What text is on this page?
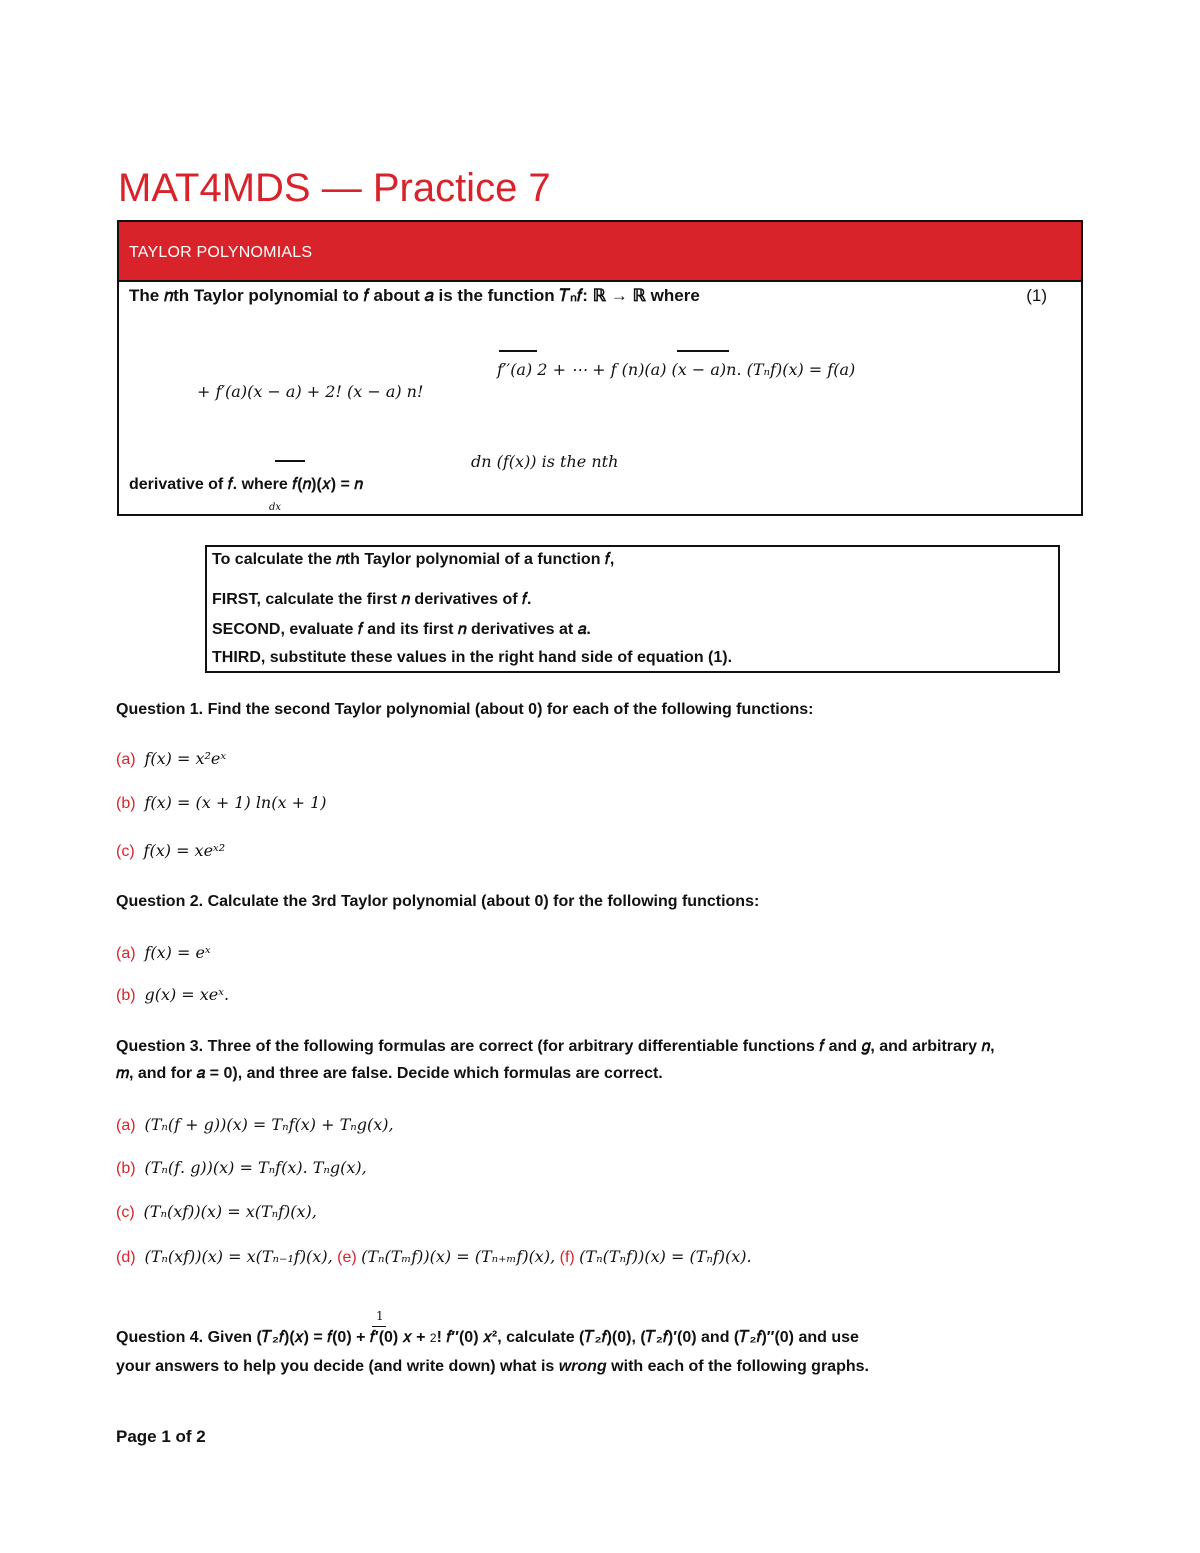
MAT4MDS — Practice 7
TAYLOR POLYNOMIALS
The 𝑛th Taylor polynomial to 𝑓 about 𝑎 is the function 𝑇ₙ𝑓: ℝ → ℝ where	(1)
𝑓′′(𝑎) 2 + ⋯ + 𝑓 (𝑛)(𝑎) (𝑥 − 𝑎)𝑛. (𝑇ₙ𝑓)(𝑥) = 𝑓(𝑎)
+ 𝑓′(𝑎)(𝑥 − 𝑎) + 2! (𝑥 − 𝑎) 𝑛!
𝑑𝑛 (𝑓(𝑥)) is the 𝑛𝑡ℎ
derivative of 𝑓. where 𝑓(𝑛)(𝑥) = 𝑛
𝑑𝑥
To calculate the 𝑛th Taylor polynomial of a function 𝑓,
FIRST, calculate the first 𝑛 derivatives of 𝑓.
SECOND, evaluate 𝑓 and its first 𝑛 derivatives at 𝑎.
THIRD, substitute these values in the right hand side of equation (1).
Question 1. Find the second Taylor polynomial (about 0) for each of the following functions:
(a) 𝑓(𝑥) = 𝑥²𝑒ˣ
(b) 𝑓(𝑥) = (𝑥 + 1) ln(𝑥 + 1)
(c) 𝑓(𝑥) = 𝑥𝑒ˣ²
Question 2. Calculate the 3rd Taylor polynomial (about 0) for the following functions:
(a) 𝑓(𝑥) = 𝑒ˣ
(b) 𝑔(𝑥) = 𝑥𝑒ˣ.
Question 3. Three of the following formulas are correct (for arbitrary differentiable functions 𝑓 and 𝑔, and arbitrary 𝑛,
𝑚, and for 𝑎 = 0), and three are false. Decide which formulas are correct.
(a) (𝑇ₙ(𝑓 + 𝑔))(𝑥) = 𝑇ₙ𝑓(𝑥) + 𝑇ₙ𝑔(𝑥),
(b) (𝑇ₙ(𝑓. 𝑔))(𝑥) = 𝑇ₙ𝑓(𝑥). 𝑇ₙ𝑔(𝑥),
(c) (𝑇ₙ(𝑥𝑓))(𝑥) = 𝑥(𝑇ₙ𝑓)(𝑥),
(d) (𝑇ₙ(𝑥𝑓))(𝑥) = 𝑥(𝑇ₙ₋₁𝑓)(𝑥), (e) (𝑇ₙ(𝑇ₘ𝑓))(𝑥) = (𝑇ₙ₊ₘ𝑓)(𝑥), (f) (𝑇ₙ(𝑇ₙ𝑓))(𝑥) = (𝑇ₙ𝑓)(𝑥).
1
Question 4. Given (𝑇₂𝑓)(𝑥) = 𝑓(0) + 𝑓′(0) 𝑥 + 2! 𝑓′′(0) 𝑥², calculate (𝑇₂𝑓)(0), (𝑇₂𝑓)′(0) and (𝑇₂𝑓)′′(0) and use
your answers to help you decide (and write down) what is wrong with each of the following graphs.
Page 1 of 2
